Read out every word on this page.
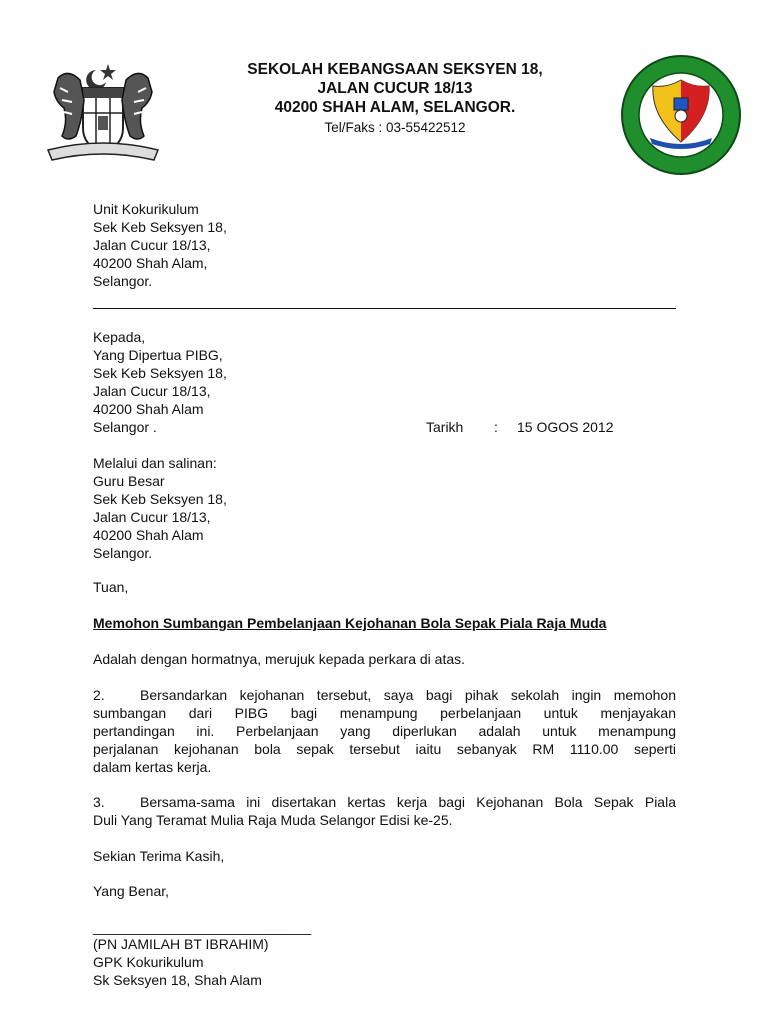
SEKOLAH KEBANGSAAN SEKSYEN 18,
JALAN CUCUR 18/13
40200 SHAH ALAM, SELANGOR.
Tel/Faks : 03-55422512
Unit Kokurikulum
Sek Keb Seksyen 18,
Jalan Cucur 18/13,
40200 Shah Alam,
Selangor.
Kepada,
Yang Dipertua PIBG,
Sek Keb Seksyen 18,
Jalan Cucur 18/13,
40200 Shah Alam
Selangor .	Tarikh : 15 OGOS 2012
Melalui dan salinan:
Guru Besar
Sek Keb Seksyen 18,
Jalan Cucur 18/13,
40200 Shah Alam
Selangor.
Tuan,
Memohon Sumbangan Pembelanjaan Kejohanan Bola Sepak Piala Raja Muda
Adalah dengan hormatnya, merujuk kepada perkara di atas.
2.	Bersandarkan kejohanan tersebut, saya bagi pihak sekolah ingin memohon
sumbangan dari PIBG bagi menampung perbelanjaan untuk menjayakan
pertandingan ini. Perbelanjaan yang diperlukan adalah untuk menampung
perjalanan kejohanan bola sepak tersebut iaitu sebanyak RM 1110.00 seperti
dalam kertas kerja.
3.	Bersama-sama ini disertakan kertas kerja bagi Kejohanan Bola Sepak Piala
Duli Yang Teramat Mulia Raja Muda Selangor Edisi ke-25.
Sekian Terima Kasih,
Yang Benar,
____________________________
(PN JAMILAH BT IBRAHIM)
GPK Kokurikulum
Sk Seksyen 18, Shah Alam
